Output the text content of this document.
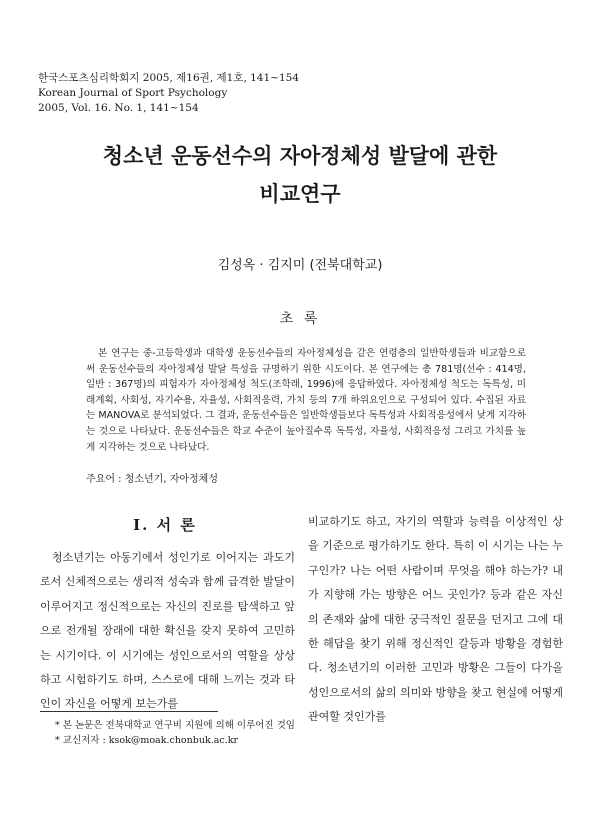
한국스포츠심리학회지 2005, 제16권, 제1호, 141~154
Korean Journal of Sport Psychology
2005, Vol. 16. No. 1, 141~154
청소년 운동선수의 자아정체성 발달에 관한
비교연구
김성옥 · 김지미 (전북대학교)
초 록
본 연구는 중-고등학생과 대학생 운동선수들의 자아정체성을 같은 연령층의 일반학생들과 비교함으로써 운동선수들의 자아정체성 발달 특성을 규명하기 위한 시도이다. 본 연구에는 총 781명(선수 : 414명, 일반 : 367명)의 피험자가 자아정체성 척도(조학래, 1996)에 응답하였다. 자아정체성 척도는 독특성, 미래계획, 사회성, 자기수용, 자율성, 사회적응력, 가치 등의 7개 하위요인으로 구성되어 있다. 수집된 자료는 MANOVA로 분석되었다. 그 결과, 운동선수들은 일반학생들보다 독특성과 사회적응성에서 낮게 지각하는 것으로 나타났다. 운동선수들은 학교 수준이 높아질수록 독특성, 자율성, 사회적응성 그리고 가치를 높게 지각하는 것으로 나타났다.
주요어 : 청소년기, 자아정체성
Ⅰ. 서 론
청소년기는 아동기에서 성인기로 이어지는 과도기로서 신체적으로는 생리적 성숙과 함께 급격한 발달이 이루어지고 정신적으로는 자신의 진로를 탐색하고 앞으로 전개될 장래에 대한 확신을 갖지 못하여 고민하는 시기이다. 이 시기에는 성인으로서의 역할을 상상하고 시험하기도 하며, 스스로에 대해 느끼는 것과 타인이 자신을 어떻게 보는가를
비교하기도 하고, 자기의 역할과 능력을 이상적인 상을 기준으로 평가하기도 한다. 특히 이 시기는 나는 누구인가? 나는 어떤 사람이며 무엇을 해야 하는가? 내가 지향해 가는 방향은 어느 곳인가? 등과 같은 자신의 존재와 삶에 대한 궁극적인 질문을 던지고 그에 대한 해답을 찾기 위해 정신적인 갈등과 방황을 경험한다. 청소년기의 이러한 고민과 방황은 그들이 다가올 성인으로서의 삶의 의미와 방향을 찾고 현실에 어떻게 관여할 것인가를
* 본 논문은 전북대학교 연구비 지원에 의해 이루어진 것임
* 교신저자 : ksok@moak.chonbuk.ac.kr
